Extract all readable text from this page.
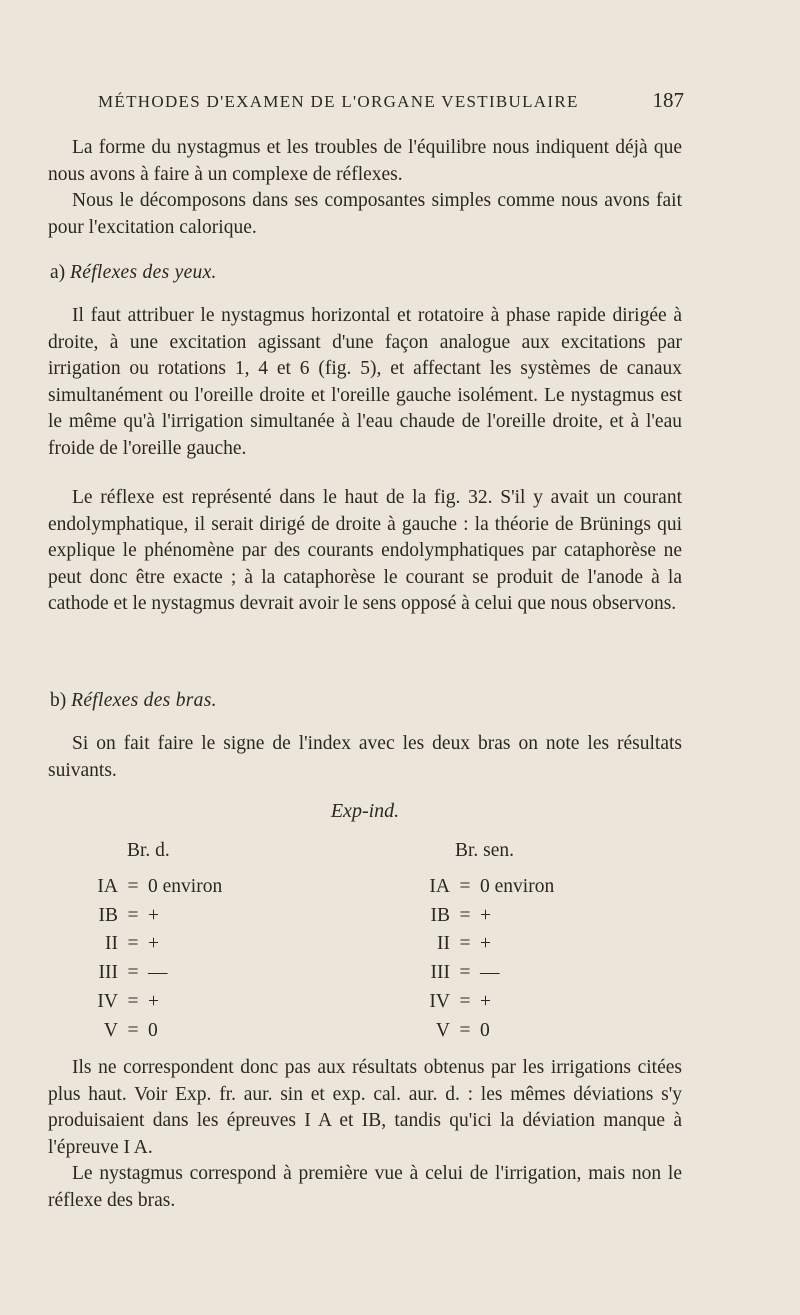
MÉTHODES D'EXAMEN DE L'ORGANE VESTIBULAIRE	187

La forme du nystagmus et les troubles de l'équilibre nous indiquent déjà que nous avons à faire à un complexe de réflexes.

Nous le décomposons dans ses composantes simples comme nous avons fait pour l'excitation calorique.

a) Réflexes des yeux.

Il faut attribuer le nystagmus horizontal et rotatoire à phase rapide dirigée à droite, à une excitation agissant d'une façon analogue aux excitations par irrigation ou rotations 1, 4 et 6 (fig. 5), et affectant les systèmes de canaux simultanément ou l'oreille droite et l'oreille gauche isolément. Le nystagmus est le même qu'à l'irrigation simultanée à l'eau chaude de l'oreille droite, et à l'eau froide de l'oreille gauche.

Le réflexe est représenté dans le haut de la fig. 32. S'il y avait un courant endolymphatique, il serait dirigé de droite à gauche : la théorie de Brünings qui explique le phénomène par des courants endolymphatiques par cataphorèse ne peut donc être exacte ; à la cataphorèse le courant se produit de l'anode à la cathode et le nystagmus devrait avoir le sens opposé à celui que nous observons.

b) Réflexes des bras.

Si on fait faire le signe de l'index avec les deux bras on note les résultats suivants.

Exp-ind.
Br. d.	Br. sen.
IA = 0 environ
IB = +
II = +
III = —
IV = +
V = 0
IA = 0 environ
IB = +
II = +
III = —
IV = +
V = 0

Ils ne correspondent donc pas aux résultats obtenus par les irrigations citées plus haut. Voir Exp. fr. aur. sin et exp. cal. aur. d. : les mêmes déviations s'y produisaient dans les épreuves I A et IB, tandis qu'ici la déviation manque à l'épreuve I A.

Le nystagmus correspond à première vue à celui de l'irrigation, mais non le réflexe des bras.
